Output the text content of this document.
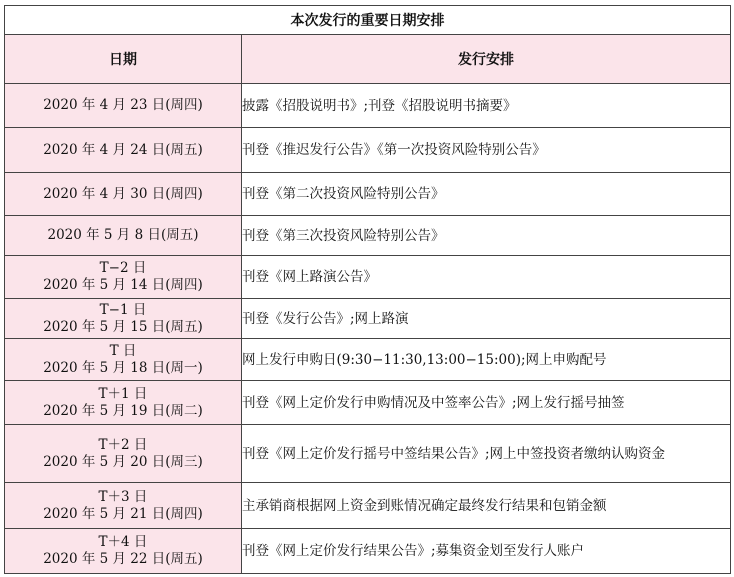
本次发行的重要日期安排	
日期	发行安排

2020 年 4 月 23 日(周四)	披露《招股说明书》;刊登《招股说明书摘要》

2020 年 4 月 24 日(周五)	刊登《推迟发行公告》《第一次投资风险特别公告》

2020 年 4 月 30 日(周四)	刊登《第二次投资风险特别公告》

2020 年 5 月 8 日(周五)	刊登《第三次投资风险特别公告》

T−2 日
2020 年 5 月 14 日(周四)	刊登《网上路演公告》

T−1 日
2020 年 5 月 15 日(周五)	刊登《发行公告》;网上路演

T 日
2020 年 5 月 18 日(周一)	网上发行申购日(9:30−11:30,13:00−15:00);网上申购配号

T＋1 日
2020 年 5 月 19 日(周二)	刊登《网上定价发行申购情况及中签率公告》;网上发行摇号抽签

T＋2 日
2020 年 5 月 20 日(周三)	刊登《网上定价发行摇号中签结果公告》;网上中签投资者缴纳认购资金

T＋3 日
2020 年 5 月 21 日(周四)	主承销商根据网上资金到账情况确定最终发行结果和包销金额

T＋4 日
2020 年 5 月 22 日(周五)	刊登《网上定价发行结果公告》;募集资金划至发行人账户
